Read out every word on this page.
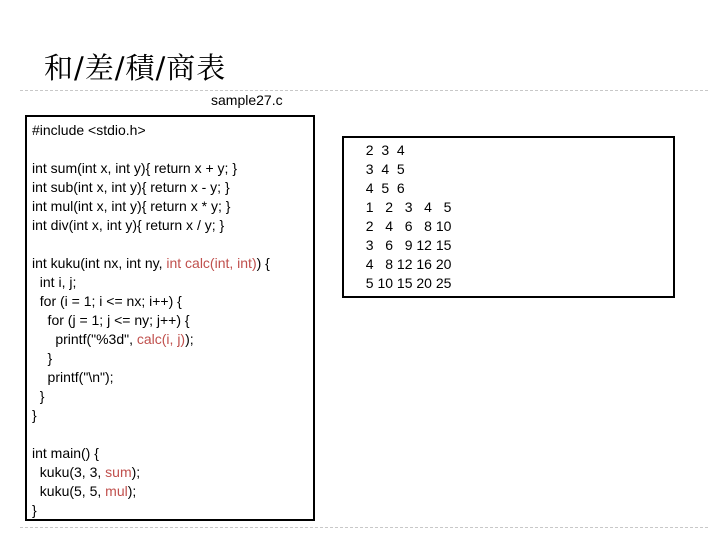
和/差/積/商表
sample27.c
#include <stdio.h>
int sum(int x, int y){ return x + y; }
int sub(int x, int y){ return x - y; }
int mul(int x, int y){ return x * y; }
int div(int x, int y){ return x / y; }
int kuku(int nx, int ny, int calc(int, int)) {
int i, j;
for (i = 1; i <= nx; i++) {
for (j = 1; j <= ny; j++) {
printf("%3d", calc(i, j));
}
printf("\n");
}
}
int main() {
kuku(3, 3, sum);
kuku(5, 5, mul);
}
2  3  4
3  4  5
4  5  6
1   2   3   4   5
2   4   6   8 10
3   6   9 12 15
4   8 12 16 20
5 10 15 20 25
